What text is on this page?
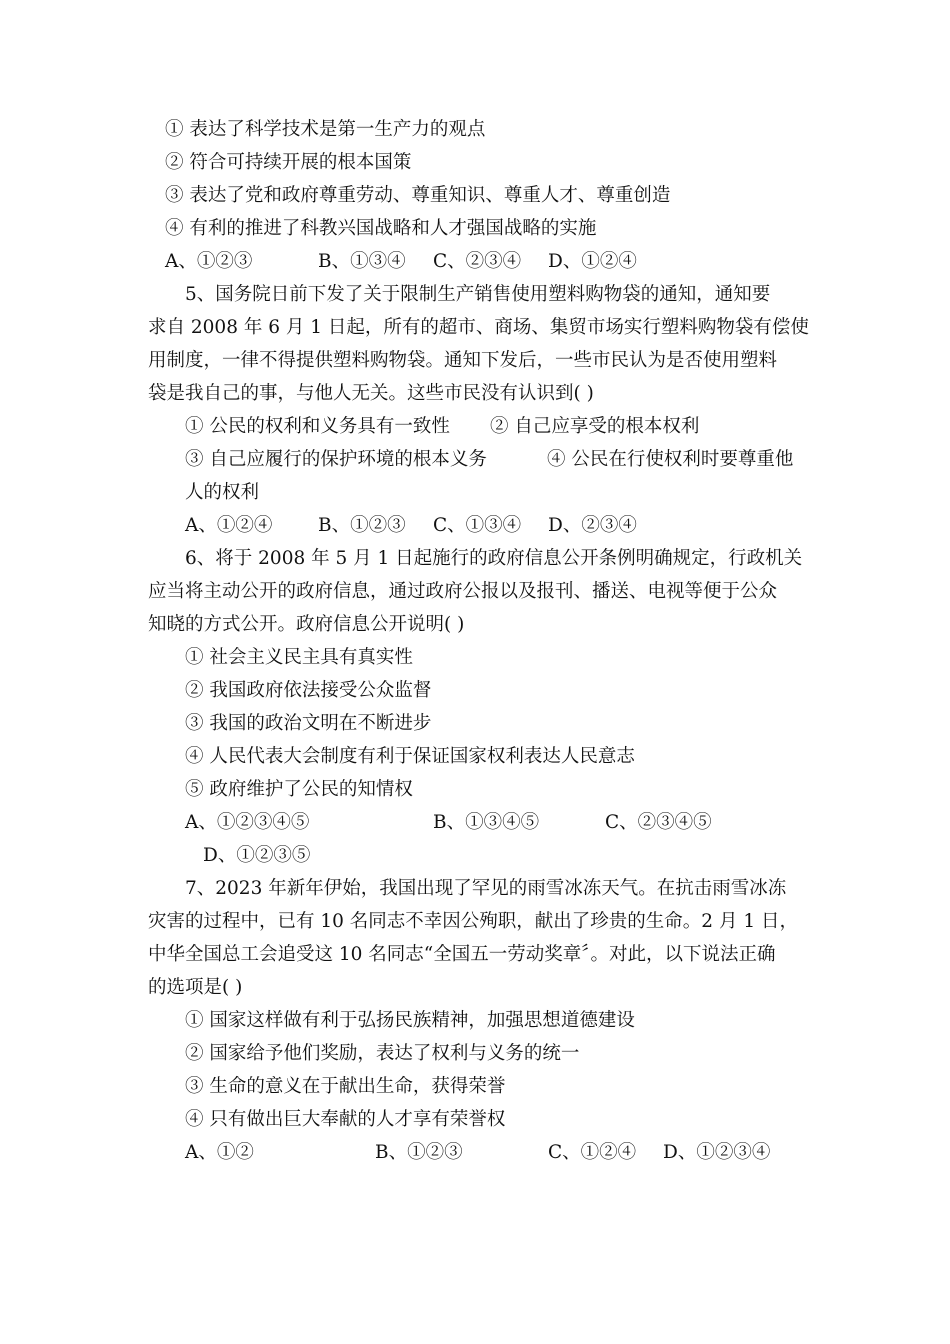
① 表达了科学技术是第一生产力的观点
② 符合可持续开展的根本国策
③ 表达了党和政府尊重劳动、尊重知识、尊重人才、尊重创造
④ 有利的推进了科教兴国战略和人才强国战略的实施
A、①②③	B、①③④ C、②③④ D、①②④
5、国务院日前下发了关于限制生产销售使用塑料购物袋的通知，通知要
求自 2008 年 6 月 1 日起，所有的超市、商场、集贸市场实行塑料购物袋有偿使
用制度，一律不得提供塑料购物袋。通知下发后，一些市民认为是否使用塑料
袋是我自己的事，与他人无关。这些市民没有认识到( )
① 公民的权利和义务具有一致性 ② 自己应享受的根本权利
③ 自己应履行的保护环境的根本义务	④ 公民在行使权利时要尊重他
人的权利
A、①②④ B、①②③ C、①③④ D、②③④
6、将于 2008 年 5 月 1 日起施行的政府信息公开条例明确规定，行政机关
应当将主动公开的政府信息，通过政府公报以及报刊、播送、电视等便于公众
知晓的方式公开。政府信息公开说明( )
① 社会主义民主具有真实性
② 我国政府依法接受公众监督
③ 我国的政治文明在不断进步
④ 人民代表大会制度有利于保证国家权利表达人民意志
⑤ 政府维护了公民的知情权
A、①②③④⑤	B、①③④⑤	C、②③④⑤
D、①②③⑤
7、2023 年新年伊始，我国出现了罕见的雨雪冰冻天气。在抗击雨雪冰冻
灾害的过程中，已有 10 名同志不幸因公殉职，献出了珍贵的生命。2 月 1 日，
中华全国总工会追受这 10 名同志“全国五一劳动奖章〞。对此，以下说法正确
的选项是( )
① 国家这样做有利于弘扬民族精神，加强思想道德建设
② 国家给予他们奖励，表达了权利与义务的统一
③ 生命的意义在于献出生命，获得荣誉
④ 只有做出巨大奉献的人才享有荣誉权
A、①②	B、①②③	C、①②④ D、①②③④
